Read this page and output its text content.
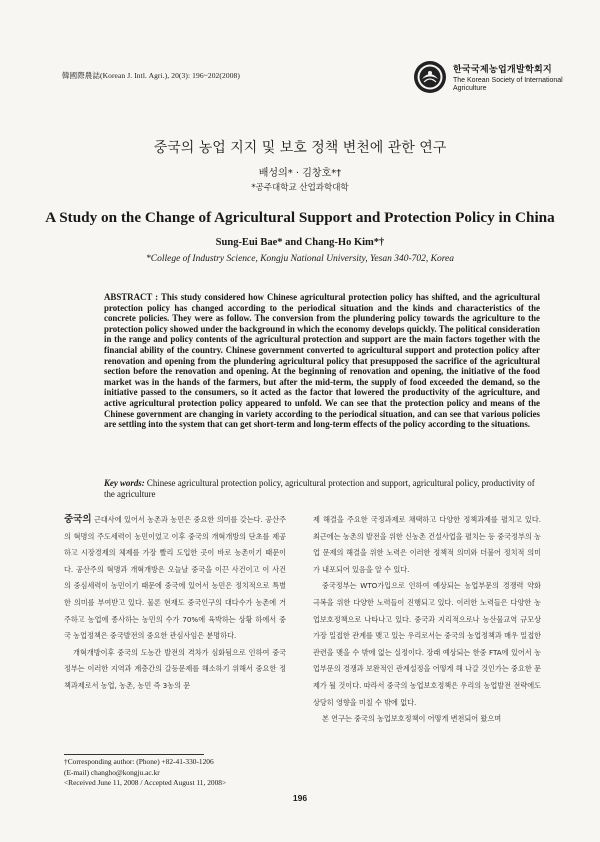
韓國際農誌(Korean J. Intl. Agri.), 20(3): 196~202(2008)
한국국제농업개발학회지
The Korean Society of International
Agriculture
중국의 농업 지지 및 보호 정책 변천에 관한 연구
배성의* · 김창호*†
*공주대학교 산업과학대학
A Study on the Change of Agricultural Support and Protection Policy in China
Sung-Eui Bae* and Chang-Ho Kim*†
*College of Industry Science, Kongju National University, Yesan 340-702, Korea
ABSTRACT : This study considered how Chinese agricultural protection policy has shifted, and the agricultural protection policy has changed according to the periodical situation and the kinds and characteristics of the concrete policies. They were as follow. The conversion from the plundering policy towards the agriculture to the protection policy showed under the background in which the economy develops quickly. The political consideration in the range and policy contents of the agricultural protection and support are the main factors together with the financial ability of the country. Chinese government converted to agricultural support and protection policy after renovation and opening from the plundering agricultural policy that presupposed the sacrifice of the agricultural section before the renovation and opening. At the beginning of renovation and opening, the initiative of the food market was in the hands of the farmers, but after the mid-term, the supply of food exceeded the demand, so the initiative passed to the consumers, so it acted as the factor that lowered the productivity of the agriculture, and active agricultural protection policy appeared to unfold. We can see that the protection policy and means of the Chinese government are changing in variety according to the periodical situation, and can see that various policies are settling into the system that can get short-term and long-term effects of the policy according to the situations.
Key words: Chinese agricultural protection policy, agricultural protection and support, agricultural policy, productivity of the agriculture

중국의 근대사에 있어서 농촌과 농민은 중요한 의미를 갖는다. 공산주의 혁명의 주도세력이 농민이었고 이후 중국의 개혁개방의 단초를 제공하고 시장경제의 체제를 가장 빨리 도입한 곳이 바로 농촌이기 때문이다. 공산주의 혁명과 개혁개방은 오늘날 중국을 이끈 사건이고 이 사건의 중심세력이 농민이기 때문에 중국에 있어서 농민은 정치적으로 특별한 의미를 부여받고 있다. 물론 현재도 중국인구의 대다수가 농촌에 거주하고 농업에 종사하는 농민의 수가 70%에 육박하는 상황 하에서 중국 농업정책은 중국발전의 중요한 관심사임은 분명하다.

개혁개방이후 중국의 도농간 발전의 격차가 심화됨으로 인하여 중국정부는 이러한 지역과 계층간의 갈등문제를 해소하기 위해서 중요한 정책과제로서 농업, 농촌, 농민 즉 3농의 문

제 해결을 주요한 국정과제로 채택하고 다양한 정책과제를 펼치고 있다. 최근에는 농촌의 발전을 위한 신농촌 건설사업을 펼치는 등 중국정부의 농업 문제의 해결을 위한 노력은 이러한 정책적 의미와 더불어 정치적 의미가 내포되어 있음을 알 수 있다.

중국정부는 WTO가입으로 인하여 예상되는 농업부문의 경쟁력 약화 극복을 위한 다양한 노력들이 진행되고 있다. 이러한 노력들은 다양한 농업보호정책으로 나타나고 있다. 중국과 지리적으로나 농산물교역 규모상 가장 밀접한 관계를 맺고 있는 우리로서는 중국의 농업정책과 매우 밀접한 관련을 맺을 수 밖에 없는 실정이다. 장래 예상되는 한중 FTA에 있어서 농업부문의 경쟁과 보완적인 관계설정을 어떻게 해 나갈 것인가는 중요한 문제가 될 것이다. 따라서 중국의 농업보호정책은 우리의 농업발전 전략에도 상당히 영향을 미칠 수 밖에 없다.

본 연구는 중국의 농업보호정책이 어떻게 변천되어 왔으며

†Corresponding author: (Phone) +82-41-330-1206
(E-mail) changho@kongju.ac.kr
<Received June 11, 2008 / Accepted August 11, 2008>
196
